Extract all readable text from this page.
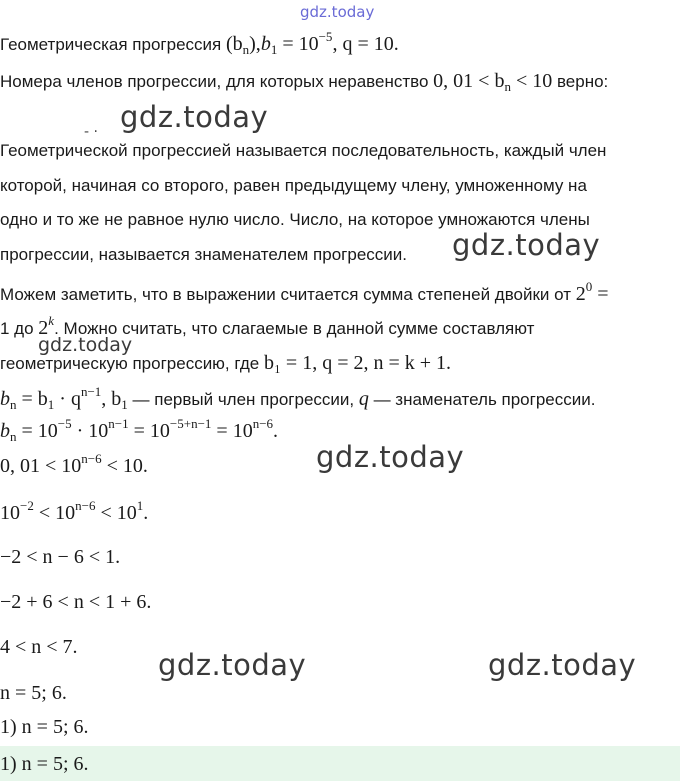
gdz.today
Геометрическая прогрессия $(b_n),b_1 = 10^{-5}$, q = 10.
Номера членов прогрессии, для которых неравенство 0, $01 < b_n < 10$ верно:
- · gdz.today
Геометрической прогрессией называется последовательность, каждый член
которой, начиная со второго, равен предыдущему члену, умноженному на
одно и то же не равное нулю число. Число, на которое умножаются члены
прогрессии, называется знаменателем прогрессии. gdz.today
Можем заметить, что в выражении считается сумма степеней двойки от $2^0$ =
1 до 2$^k$. Можно считать, что слагаемые в данной сумме составляют
gdz.today
геометрическую прогрессию, где b₁ = 1, q = 2, n = k + 1.
$b_n = b_1 \cdot q^{n-1}$, $b_1$ — первый член прогрессии, q — знаменатель прогрессии.
$b_n = 10^{-5} \cdot 10^{n-1} = 10^{-5+n-1} = 10^{n-6}$.
gdz.today
0, $01 < 10^{n-6} < 10$.
$10^{-2} < 10^{n-6} < 10^1$.
−2 < n − 6 < 1.
−2 + 6 < n < 1 + 6.
4 < n < 7.
gdz.today	gdz.today
n = 5; 6.
1) n = 5; 6.
1) n = 5; 6.
